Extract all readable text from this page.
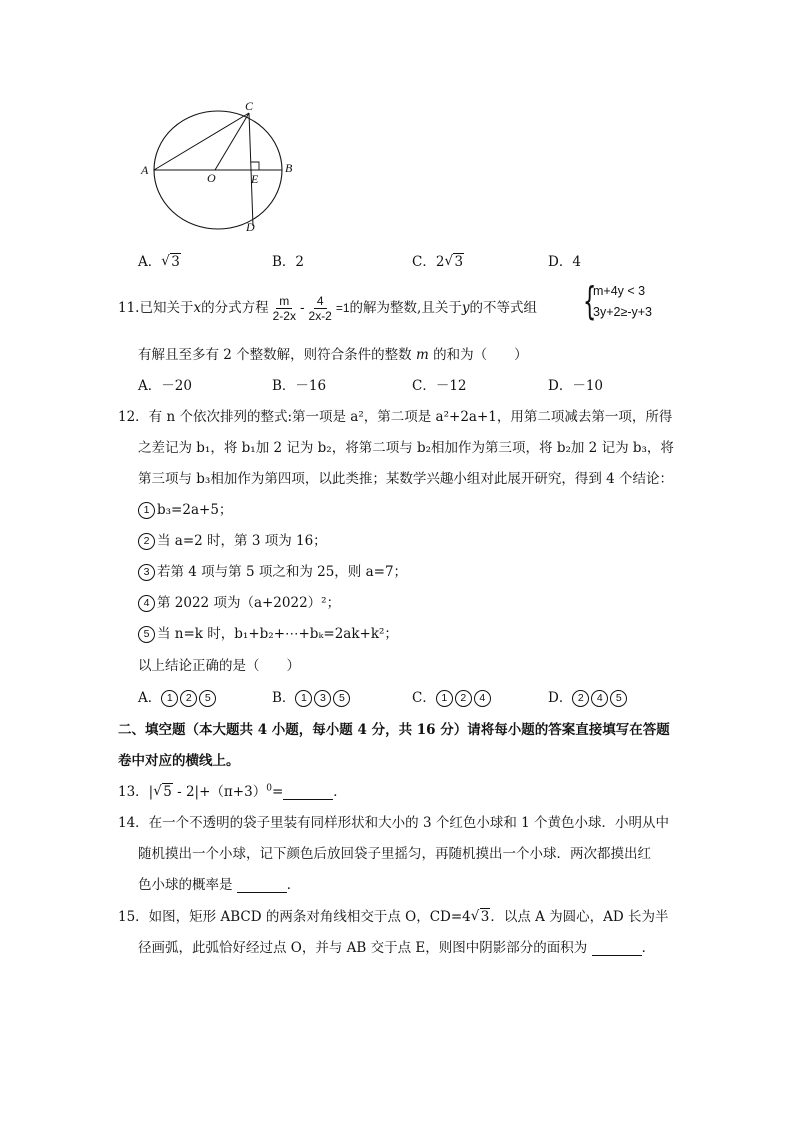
A	B
C
D
O	E
A． √ 3	B．2	C．2 √ 3	D．4
11.已知关于x的分式方程 $\frac{m}{2-2x} - \frac{4}{2x-2} =1$的解为整数,且关于y的不等式组 {
m+4y < 3
3y+2≥-y+3
有解且至多有 2 个整数解，则符合条件的整数 m 的和为（　　）
A．－20	B．－16	C．－12	D．－10
12．有 n 个依次排列的整式:第一项是 a²，第二项是 a²+2a+1，用第二项减去第一项，所得
之差记为 b₁，将 b₁加 2 记为 b₂，将第二项与 b₂相加作为第三项，将 b₂加 2 记为 b₃，将
第三项与 b₃相加作为第四项，以此类推；某数学兴趣小组对此展开研究，得到 4 个结论：
1 b₃=2a+5；
2 当 a=2 时，第 3 项为 16；
3 若第 4 项与第 5 项之和为 25，则 a=7；
4 第 2022 项为（a+2022）²；
5 当 n=k 时，b₁+b₂+⋯+bₖ=2ak+k²；
以上结论正确的是（　　）
A． 1 2 5	B． 1 3 5	C． 1 2 4	D． 2 4 5
二、填空题（本大题共 4 小题，每小题 4 分，共 16 分）请将每小题的答案直接填写在答题
卷中对应的横线上。
13．| √ $5 - 2|+(\pi+3)^0=$	．
14．在一个不透明的袋子里装有同样形状和大小的 3 个红色小球和 1 个黄色小球．小明从中
随机摸出一个小球，记下颜色后放回袋子里摇匀，再随机摸出一个小球．两次都摸出红
色小球的概率是	．
15．如图，矩形 ABCD 的两条对角线相交于点 O，CD=4 √ 3．以点 A 为圆心，AD 长为半
径画弧，此弧恰好经过点 O，并与 AB 交于点 E，则图中阴影部分的面积为	．
